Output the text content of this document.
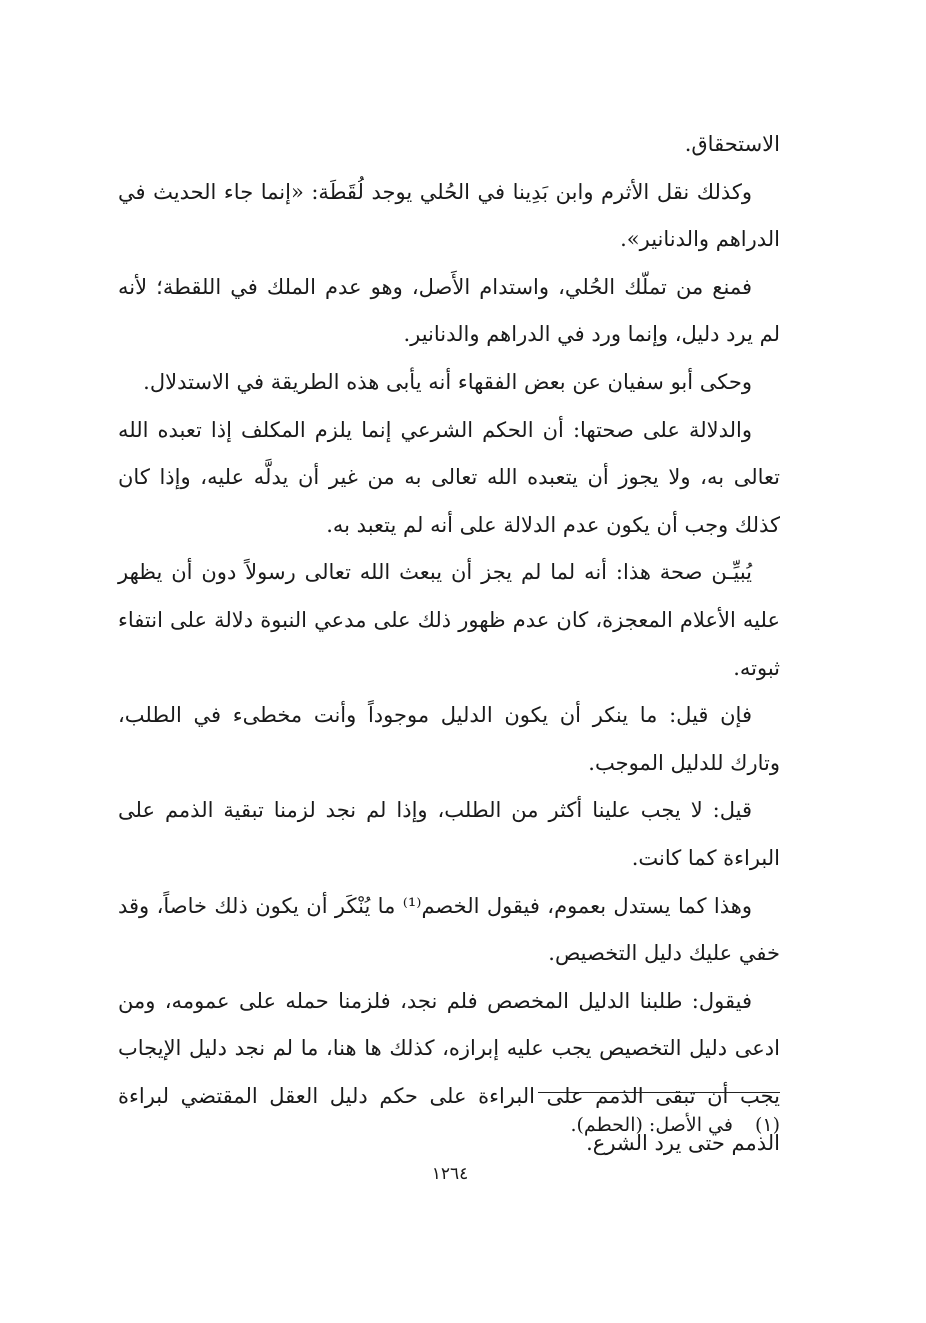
الاستحقاق.

وكذلك نقل الأثرم وابن بَدِينا في الحُلي يوجد لُقَطَة: «إنما جاء الحديث في الدراهم والدنانير».

فمنع من تملّك الحُلي، واستدام الأَصل، وهو عدم الملك في اللقطة؛ لأنه لم يرد دليل، وإنما ورد في الدراهم والدنانير.

وحكى أبو سفيان عن بعض الفقهاء أنه يأبى هذه الطريقة في الاستدلال.

والدلالة على صحتها: أن الحكم الشرعي إنما يلزم المكلف إذا تعبده الله تعالى به، ولا يجوز أن يتعبده الله تعالى به من غير أن يدلَّه عليه، وإذا كان كذلك وجب أن يكون عدم الدلالة على أنه لم يتعبد به.

يُبيِّـن صحة هذا: أنه لما لم يجز أن يبعث الله تعالى رسولاً دون أن يظهر عليه الأعلام المعجزة، كان عدم ظهور ذلك على مدعي النبوة دلالة على انتفاء ثبوته.

فإن قيل: ما ينكر أن يكون الدليل موجوداً وأنت مخطىء في الطلب، وتارك للدليل الموجب.

قيل: لا يجب علينا أكثر من الطلب، وإذا لم نجد لزمنا تبقية الذمم على البراءة كما كانت.

وهذا كما يستدل بعموم، فيقول الخصم⁽¹⁾ ما يُنْكَر أن يكون ذلك خاصاً، وقد خفي عليك دليل التخصيص.

فيقول: طلبنا الدليل المخصص فلم نجد، فلزمنا حمله على عمومه، ومن ادعى دليل التخصيص يجب عليه إبرازه، كذلك ها هنا، ما لم نجد دليل الإيجاب يجب أن تبقى الذمم على البراءة على حكم دليل العقل المقتضي لبراءة الذمم حتى يرد الشرع.

(١)في الأصل: (الحطم).
١٢٦٤
